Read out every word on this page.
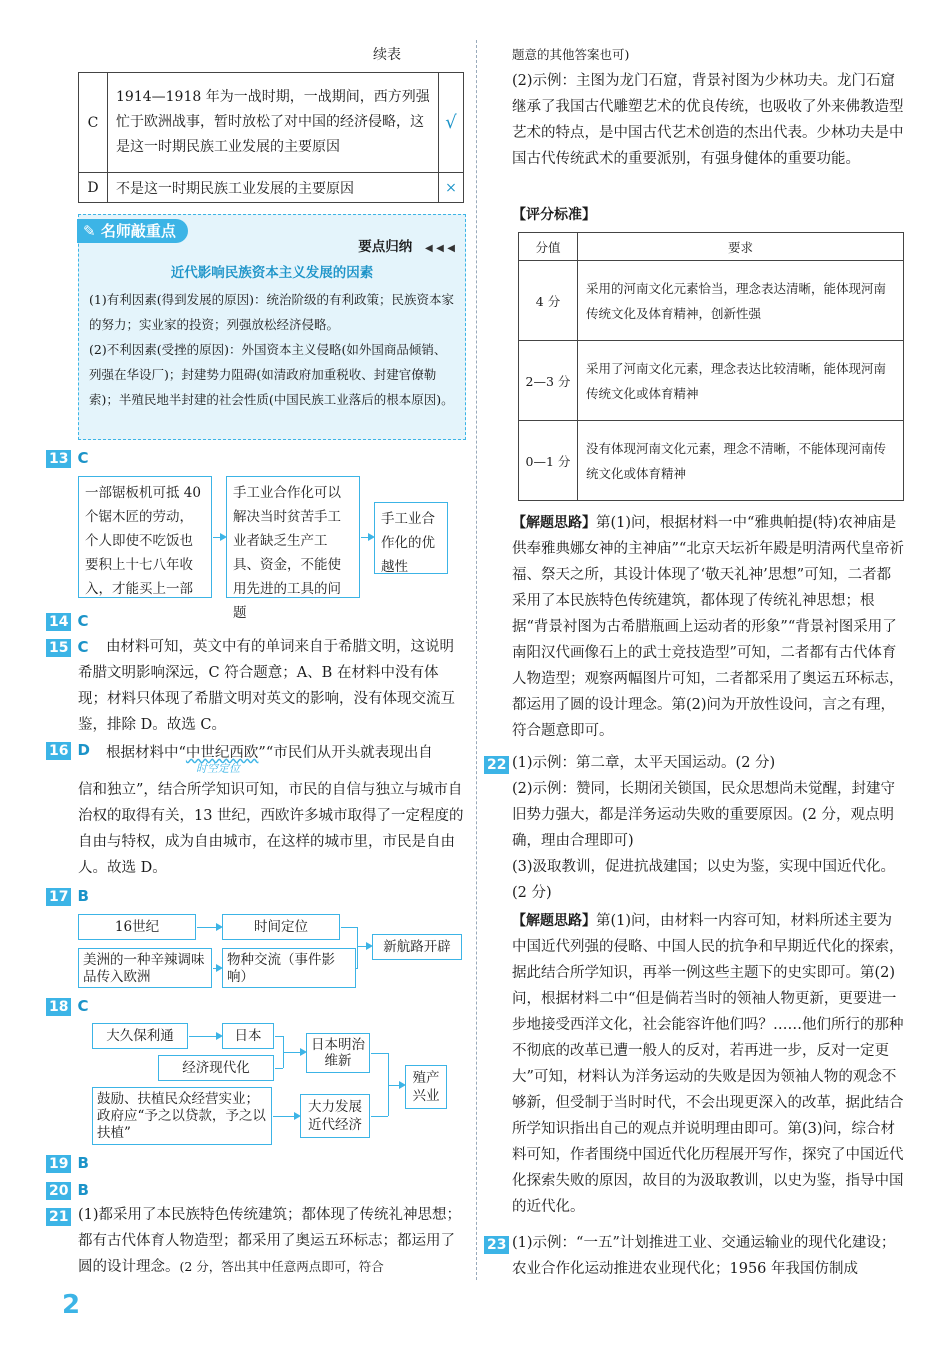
续表
C	1914—1918 年为一战时期，一战期间，西方列强忙于欧洲战事，暂时放松了对中国的经济侵略，这是这一时期民族工业发展的主要原因	√
D	不是这一时期民族工业发展的主要原因	×
✎ 名师敲重点
要点归纳 ◀ ◀ ◀
近代影响民族资本主义发展的因素

(1)有利因素(得到发展的原因)：统治阶级的有利政策；民族资本家的努力；实业家的投资；列强放松经济侵略。

(2)不利因素(受挫的原因)：外国资本主义侵略(如外国商品倾销、列强在华设厂)；封建势力阻碍(如清政府加重税收、封建官僚勒索)；半殖民地半封建的社会性质(中国民族工业落后的根本原因)。

13 C
一部锯板机可抵 40 个锯木匠的劳动，个人即使不吃饭也要积上十七八年收入，才能买上一部
手工业合作化可以解决当时贫苦手工业者缺乏生产工具、资金，不能使用先进的工具的问题
手工业合作化的优越性
14 C

15 C	由材料可知，英文中有的单词来自于希腊文明，这说明希腊文明影响深远，C 符合题意；A、B 在材料中没有体现；材料只体现了希腊文明对英文的影响，没有体现交流互鉴，排除 D。故选 C。

16 D	根据材料中“中世纪西欧”“市民们从开头就表现出自

时空定位

信和独立”，结合所学知识可知，市民的自信与独立与城市自治权的取得有关，13 世纪，西欧许多城市取得了一定程度的自由与特权，成为自由城市，在这样的城市里，市民是自由人。故选 D。

17 B
16世纪	时间定位
美洲的一种辛辣调味品传入欧洲
物种交流（事件影响）
新航路开辟
18 C
大久保利通	日本
经济现代化
日本明治维新
鼓励、扶植民众经营实业；政府应“予之以贷款，予之以扶植”
大力发展近代经济
殖产兴业
19 B
20 B
21 (1)都采用了本民族特色传统建筑；都体现了传统礼神思想；都有古代体育人物造型；都采用了奥运五环标志；都运用了圆的设计理念。(2 分，答出其中任意两点即可，符合

题意的其他答案也可)

(2)示例：主图为龙门石窟，背景衬图为少林功夫。龙门石窟继承了我国古代雕塑艺术的优良传统，也吸收了外来佛教造型艺术的特点，是中国古代艺术创造的杰出代表。少林功夫是中国古代传统武术的重要派别，有强身健体的重要功能。

【评分标准】
分值	要求
4 分	采用的河南文化元素恰当，理念表达清晰，能体现河南传统文化及体育精神，创新性强
2—3 分	采用了河南文化元素，理念表达比较清晰，能体现河南传统文化或体育精神
0—1 分	没有体现河南文化元素，理念不清晰，不能体现河南传统文化或体育精神

【解题思路】第(1)问，根据材料一中“雅典帕提(特)农神庙是供奉雅典娜女神的主神庙”“北京天坛祈年殿是明清两代皇帝祈福、祭天之所，其设计体现了‘敬天礼神’思想”可知，二者都采用了本民族特色传统建筑，都体现了传统礼神思想；根据“背景衬图为古希腊瓶画上运动者的形象”“背景衬图采用了南阳汉代画像石上的武士竞技造型”可知，二者都有古代体育人物造型；观察两幅图片可知，二者都采用了奥运五环标志，都运用了圆的设计理念。第(2)问为开放性设问，言之有理，符合题意即可。

22 (1)示例：第二章，太平天国运动。(2 分)

(2)示例：赞同，长期闭关锁国，民众思想尚未觉醒，封建守旧势力强大，都是洋务运动失败的重要原因。(2 分，观点明确，理由合理即可)

(3)汲取教训，促进抗战建国；以史为鉴，实现中国近代化。(2 分)

【解题思路】第(1)问，由材料一内容可知，材料所述主要为中国近代列强的侵略、中国人民的抗争和早期近代化的探索，据此结合所学知识，再举一例这些主题下的史实即可。第(2)问，根据材料二中“但是倘若当时的领袖人物更新，更要进一步地接受西洋文化，社会能容许他们吗？……他们所行的那种不彻底的改革已遭一般人的反对，若再进一步，反对一定更大”可知，材料认为洋务运动的失败是因为领袖人物的观念不够新，但受制于当时时代，不会出现更深入的改革，据此结合所学知识指出自己的观点并说明理由即可。第(3)问，综合材料可知，作者围绕中国近代化历程展开写作，探究了中国近代化探索失败的原因，故目的为汲取教训，以史为鉴，指导中国的近代化。

23 (1)示例：“一五”计划推进工业、交通运输业的现代化建设；农业合作化运动推进农业现代化；1956 年我国仿制成

2
